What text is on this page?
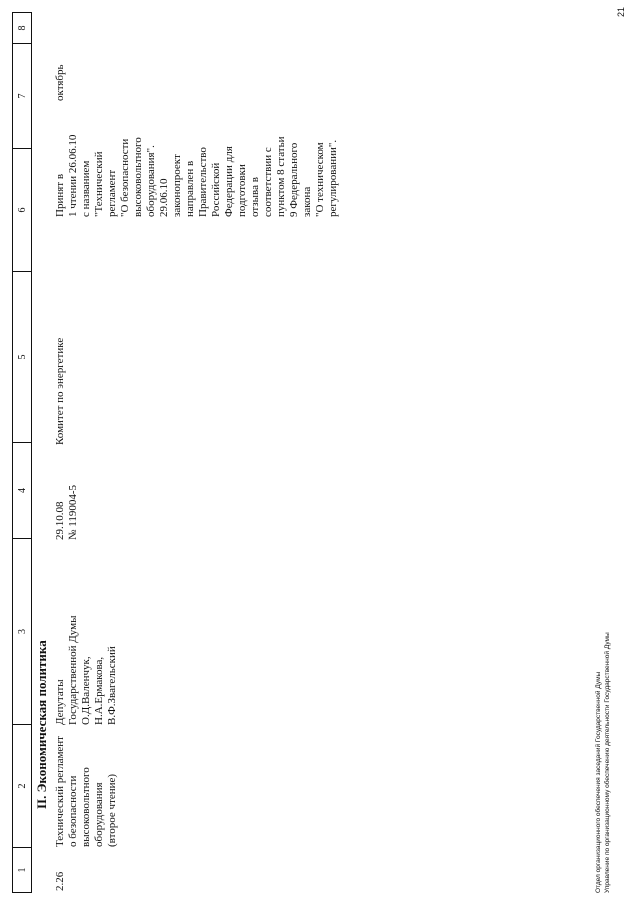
1
2
3
4
5
6
7
8
II. Экономическая политика
2.26
Технический регламент о безопасности высоковольтного оборудования (второе чтение)
Депутаты Государственной Думы О.Д.Валенчук, Н.А.Ермакова, В.Ф.Звагельский
29.10.08 № 119004-5
Комитет по энергетике
Принят в 1 чтении 26.06.10 с названием "Технический регламент "О безопасности высоковольтного оборудования". 29.06.10 законопроект направлен в Правительство Российской Федерации для подготовки отзыва в соответствии с пунктом 8 статьи 9 Федерального закона "О техническом регулировании".
октябрь
Отдел организационного обеспечения заседаний Государственной Думы Управление по организационному обеспечению деятельности Государственной Думы
21
